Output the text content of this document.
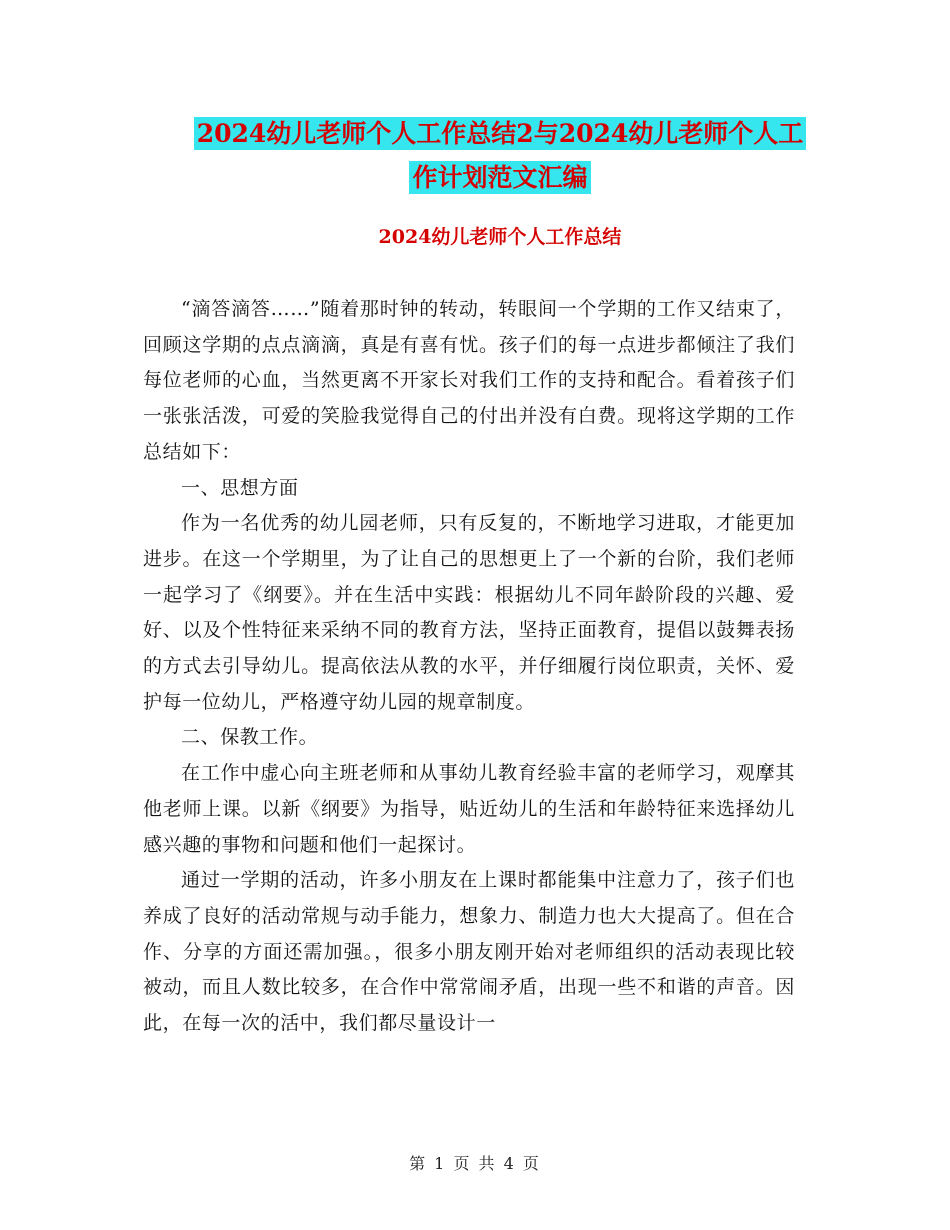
2024幼儿老师个人工作总结2与2024幼儿老师个人工
作计划范文汇编
2024幼儿老师个人工作总结

“滴答滴答……”随着那时钟的转动，转眼间一个学期的工作又结束了，回顾这学期的点点滴滴，真是有喜有忧。孩子们的每一点进步都倾注了我们每位老师的心血，当然更离不开家长对我们工作的支持和配合。看着孩子们一张张活泼，可爱的笑脸我觉得自己的付出并没有白费。现将这学期的工作总结如下：

一、思想方面

作为一名优秀的幼儿园老师，只有反复的，不断地学习进取，才能更加进步。在这一个学期里，为了让自己的思想更上了一个新的台阶，我们老师一起学习了《纲要》。并在生活中实践：根据幼儿不同年龄阶段的兴趣、爱好、以及个性特征来采纳不同的教育方法，坚持正面教育，提倡以鼓舞表扬的方式去引导幼儿。提高依法从教的水平，并仔细履行岗位职责，关怀、爱护每一位幼儿，严格遵守幼儿园的规章制度。

二、保教工作。

在工作中虚心向主班老师和从事幼儿教育经验丰富的老师学习，观摩其他老师上课。以新《纲要》为指导，贴近幼儿的生活和年龄特征来选择幼儿感兴趣的事物和问题和他们一起探讨。

通过一学期的活动，许多小朋友在上课时都能集中注意力了，孩子们也养成了良好的活动常规与动手能力，想象力、制造力也大大提高了。但在合作、分享的方面还需加强。，很多小朋友刚开始对老师组织的活动表现比较被动，而且人数比较多，在合作中常常闹矛盾，出现一些不和谐的声音。因此，在每一次的活中，我们都尽量设计一

第 1 页 共 4 页
